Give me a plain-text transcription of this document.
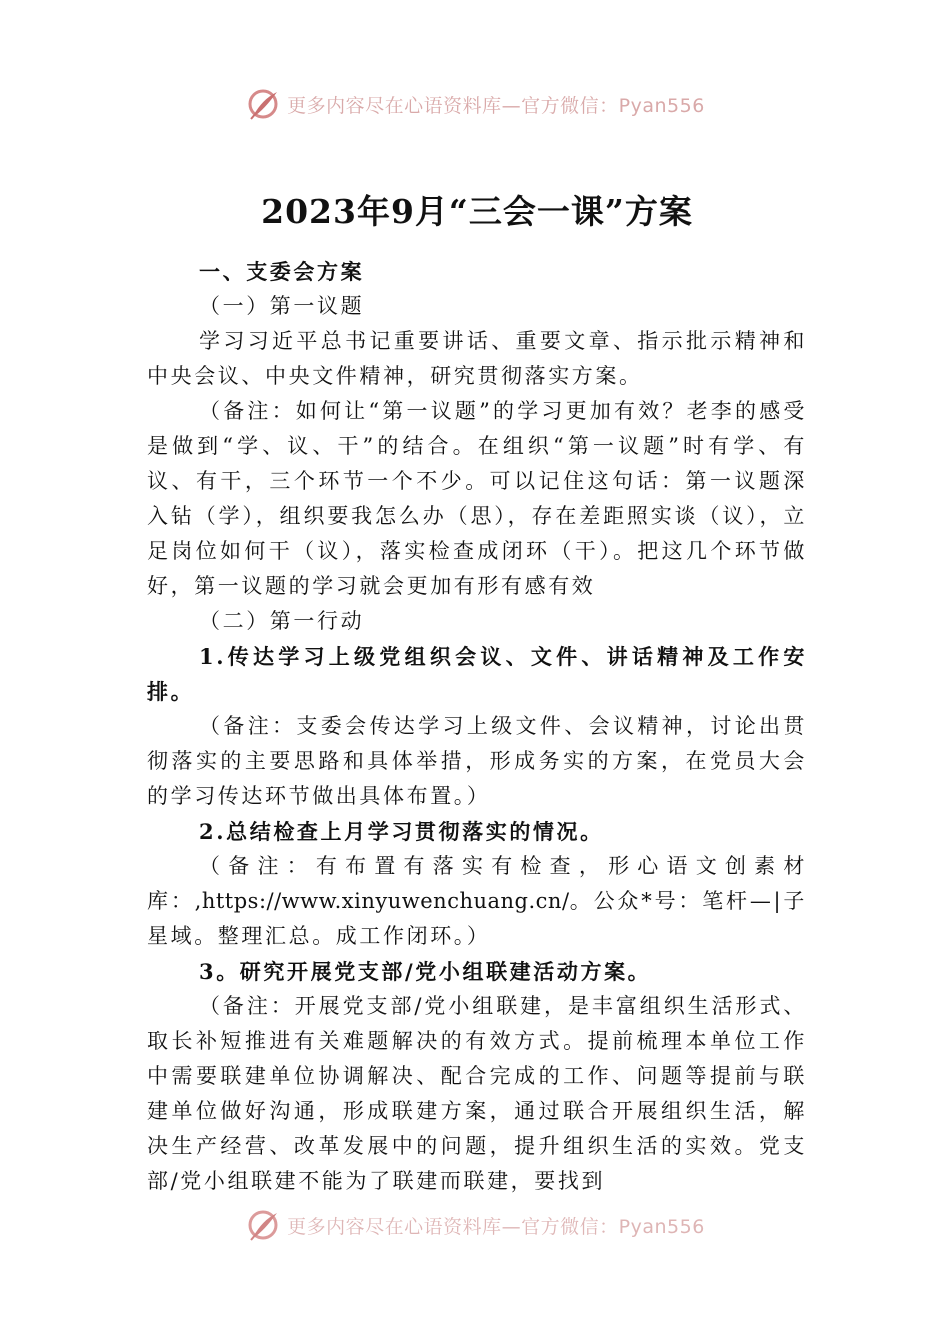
更多内容尽在心语资料库—官方微信：Pyan556
2023年9月“三会一课”方案

一、支委会方案

（一）第一议题

学习习近平总书记重要讲话、重要文章、指示批示精神和中央会议、中央文件精神，研究贯彻落实方案。

（备注：如何让“第一议题”的学习更加有效？老李的感受是做到“学、议、干”的结合。在组织“第一议题”时有学、有议、有干，三个环节一个不少。可以记住这句话：第一议题深入钻（学），组织要我怎么办（思），存在差距照实谈（议），立足岗位如何干（议），落实检查成闭环（干）。把这几个环节做好，第一议题的学习就会更加有形有感有效

（二）第一行动

1.传达学习上级党组织会议、文件、讲话精神及工作安排。

（备注：支委会传达学习上级文件、会议精神，讨论出贯彻落实的主要思路和具体举措，形成务实的方案，在党员大会的学习传达环节做出具体布置。）

2.总结检查上月学习贯彻落实的情况。

（备注：有布置有落实有检查，形心语文创素材库：,https://www.xinyuwenchuang.cn/。公众*号：笔杆—|子星域。整理汇总。成工作闭环。）

3。研究开展党支部/党小组联建活动方案。

（备注：开展党支部/党小组联建，是丰富组织生活形式、取长补短推进有关难题解决的有效方式。提前梳理本单位工作中需要联建单位协调解决、配合完成的工作、问题等提前与联建单位做好沟通，形成联建方案，通过联合开展组织生活，解决生产经营、改革发展中的问题，提升组织生活的实效。党支部/党小组联建不能为了联建而联建，要找到

更多内容尽在心语资料库—官方微信：Pyan556
